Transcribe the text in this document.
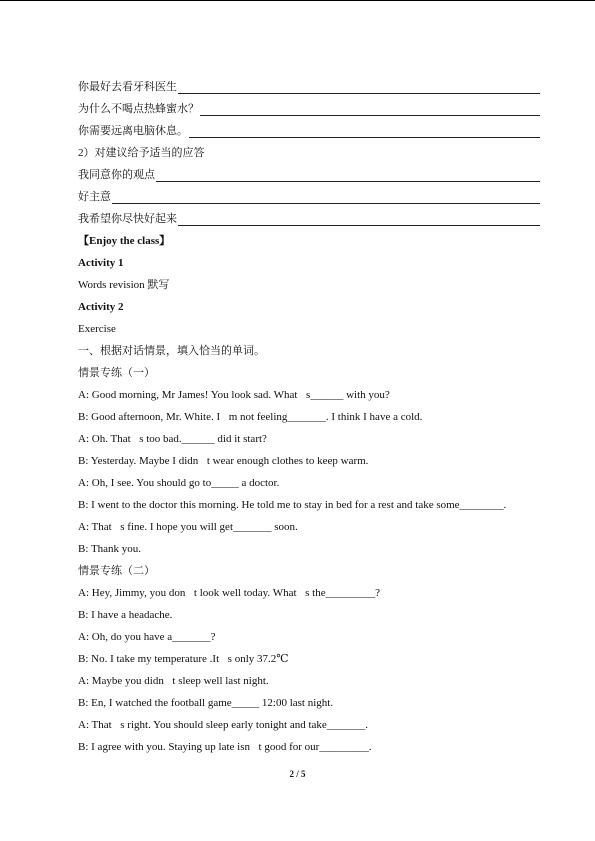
你最好去看牙科医生
为什么不喝点热蜂蜜水？
你需要远离电脑休息。
2）对建议给予适当的应答
我同意你的观点
好主意
我希望你尽快好起来
【Enjoy the class】
Activity 1
Words revision 默写
Activity 2
Exercise
一、根据对话情景，填入恰当的单词。
情景专练（一）
A: Good morning, Mr James! You look sad. What s______ with you?
B: Good afternoon, Mr. White. I m not feeling_______. I think I have a cold.
A: Oh. That s too bad.______ did it start?
B: Yesterday. Maybe I didn t wear enough clothes to keep warm.
A: Oh, I see. You should go to_____ a doctor.
B: I went to the doctor this morning. He told me to stay in bed for a rest and take some________.
A: That s fine. I hope you will get_______ soon.
B: Thank you.
情景专练（二）
A: Hey, Jimmy, you don t look well today. What s the_________?
B: I have a headache.
A: Oh, do you have a_______?
B: No. I take my temperature .It s only 37.2℃
A: Maybe you didn t sleep well last night.
B: En, I watched the football game_____ 12:00 last night.
A: That s right. You should sleep early tonight and take_______.
B: I agree with you. Staying up late isn t good for our_________.
2 / 5
